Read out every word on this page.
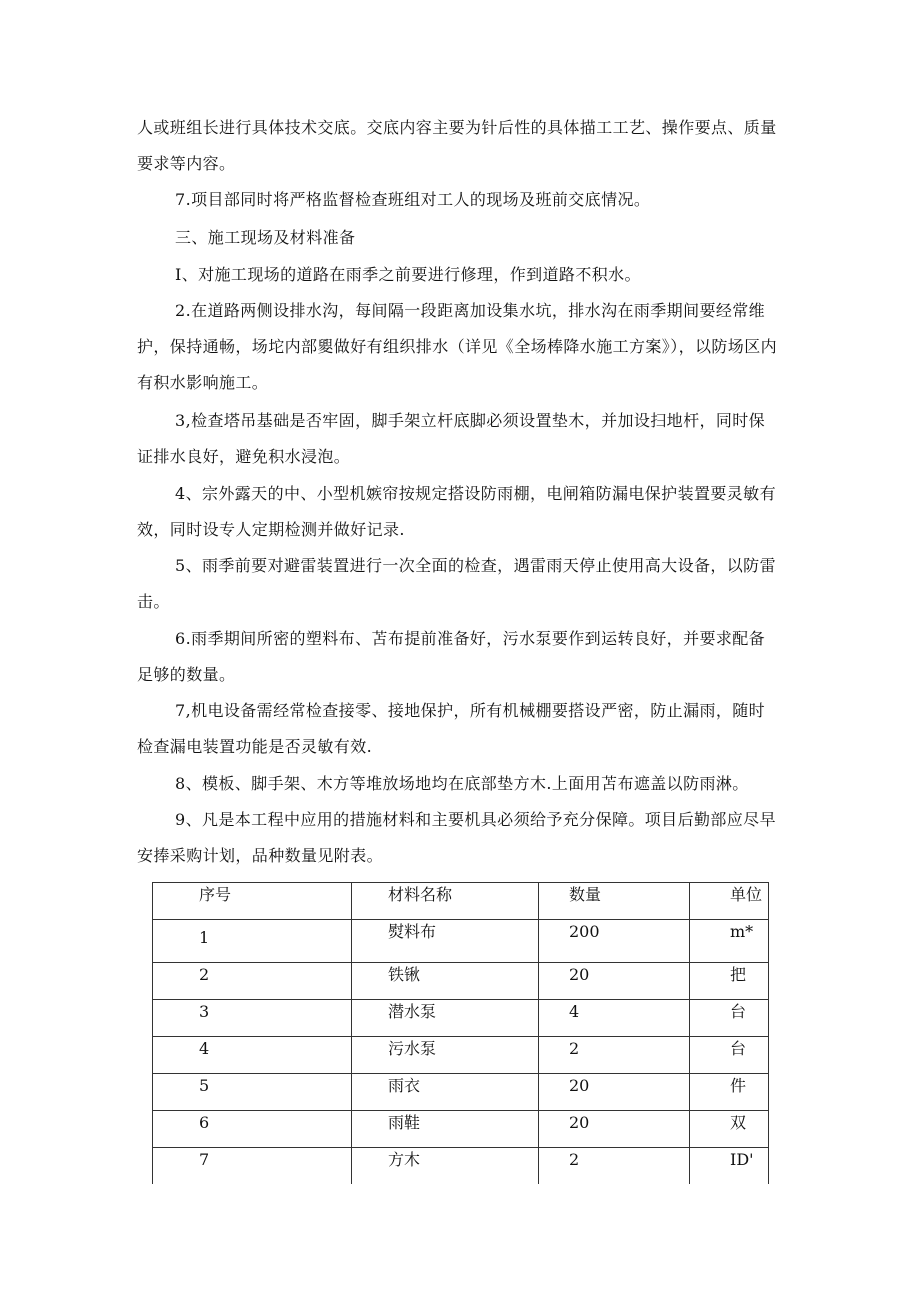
人或班组长进行具体技术交底。交底内容主要为针后性的具体描工工艺、操作要点、质量要求等内容。

7.项目部同时将严格监督检查班组对工人的现场及班前交底情况。

三、施工现场及材料准备

I、对施工现场的道路在雨季之前要进行修理，作到道路不积水。

2.在道路两侧设排水沟，每间隔一段距离加设集水坑，排水沟在雨季期间要经常维护，保持通畅，场坨内部夓做好有组织排水（详见《全场棒降水施工方案》），以防场区内有积水影响施工。

3,检查塔吊基础是否牢固，脚手架立杆底脚必须设置垫木，并加设扫地杆，同时保证排水良好，避免积水浸泡。

4、宗外露天的中、小型机嫉帘按规定搭设防雨棚，电闸箱防漏电保护装置要灵敏有效，同时设专人定期检测并做好记录.

5、雨季前要对避雷装置进行一次全面的检查，遇雷雨天停止使用高大设备，以防雷击。

6.雨季期间所密的塑料布、苫布提前准备好，污水泵要作到运转良好，并要求配备足够的数量。

7,机电设备需经常检查接零、接地保护，所有机械棚要搭设严密，防止漏雨，随时检查漏电装置功能是否灵敏有效.

8、模板、脚手架、木方等堆放场地均在底部垫方木.上面用苫布遮盖以防雨淋。

9、凡是本工程中应用的措施材料和主要机具必须给予充分保障。项目后勤部应尽早安捧采购计划，品种数量见附表。

序号	材料名称	数量	单位
1	熨料布	200	m*
2	铁锹	20	把
3	潜水泵	4	台
4	污水泵	2	台
5	雨衣	20	件
6	雨鞋	20	双
7	方木	2	ID'
